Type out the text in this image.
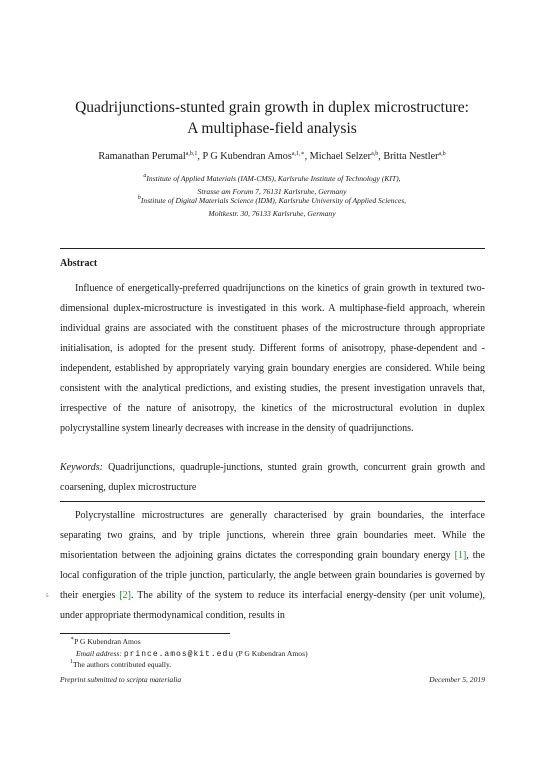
Quadrijunctions-stunted grain growth in duplex microstructure:
A multiphase-field analysis
Ramanathan Perumal$^{a,b,1}$, P G Kubendran Amos$^{a,1,∗}$, Michael Selzer$^{a,b}$, Britta Nestler$^{a,b}$
$^a$Institute of Applied Materials (IAM-CMS), Karlsruhe Institute of Technology (KIT),
Strasse am Forum 7, 76131 Karlsruhe, Germany
$^b$Institute of Digital Materials Science (IDM), Karlsruhe University of Applied Sciences,
Moltkestr. 30, 76133 Karlsruhe, Germany
Abstract
Influence of energetically-preferred quadrijunctions on the kinetics of grain growth in textured two-dimensional duplex-microstructure is investigated in this work. A multiphase-field approach, wherein individual grains are associated with the constituent phases of the microstructure through appropriate initialisation, is adopted for the present study. Different forms of anisotropy, phase-dependent and -independent, established by appropriately varying grain boundary energies are considered. While being consistent with the analytical predictions, and existing studies, the present investigation unravels that, irrespective of the nature of anisotropy, the kinetics of the microstructural evolution in duplex polycrystalline system linearly decreases with increase in the density of quadrijunctions.
Keywords: Quadrijunctions, quadruple-junctions, stunted grain growth, concurrent grain growth and coarsening, duplex microstructure
Polycrystalline microstructures are generally characterised by grain boundaries, the interface separating two grains, and by triple junctions, wherein three grain boundaries meet. While the misorientation between the adjoining grains dictates the corresponding grain boundary energy [1], the local configuration of the triple junction, particularly, the angle between grain boundaries is governed by their energies [2]. The ability of the system to reduce its interfacial energy-density (per unit volume), under appropriate thermodynamical condition, results in
5
∗P G Kubendran Amos
Email address: prince.amos@kit.edu (P G Kubendran Amos)
$^1$The authors contributed equally.
Preprint submitted to scripta materialia	December 5, 2019
